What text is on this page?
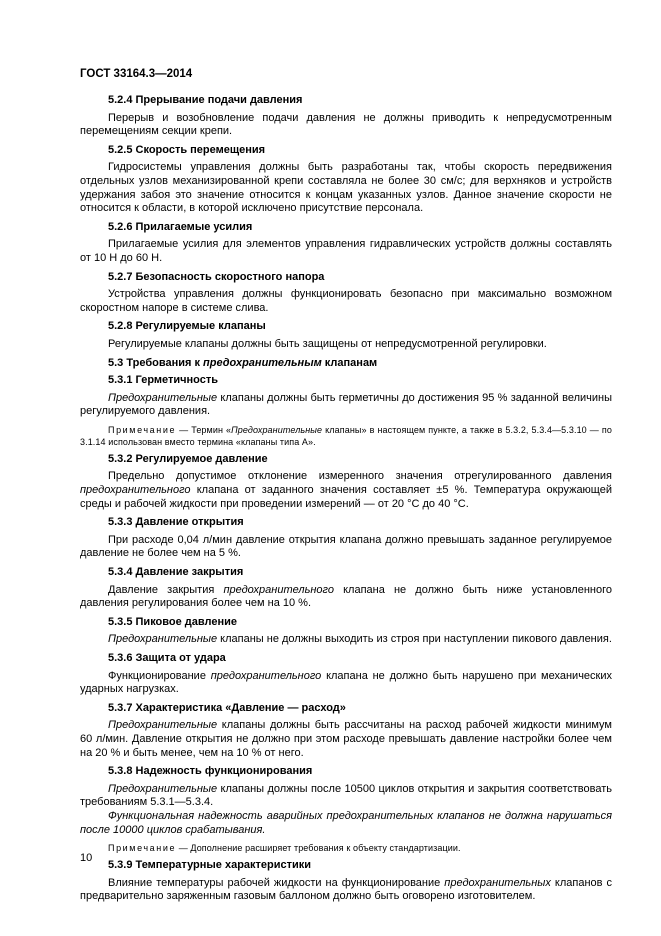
ГОСТ 33164.3—2014
5.2.4 Прерывание подачи давления
Перерыв и возобновление подачи давления не должны приводить к непредусмотренным перемещениям секции крепи.
5.2.5 Скорость перемещения
Гидросистемы управления должны быть разработаны так, чтобы скорость передвижения отдельных узлов механизированной крепи составляла не более 30 см/с; для верхняков и устройств удержания забоя это значение относится к концам указанных узлов. Данное значение скорости не относится к области, в которой исключено присутствие персонала.
5.2.6 Прилагаемые усилия
Прилагаемые усилия для элементов управления гидравлических устройств должны составлять от 10 Н до 60 Н.
5.2.7 Безопасность скоростного напора
Устройства управления должны функционировать безопасно при максимально возможном скоростном напоре в системе слива.
5.2.8 Регулируемые клапаны
Регулируемые клапаны должны быть защищены от непредусмотренной регулировки.
5.3 Требования к предохранительным клапанам
5.3.1 Герметичность
Предохранительные клапаны должны быть герметичны до достижения 95 % заданной величины регулируемого давления.
Примечание — Термин «Предохранительные клапаны» в настоящем пункте, а также в 5.3.2, 5.3.4—5.3.10 — по 3.1.14 использован вместо термина «клапаны типа А».
5.3.2 Регулируемое давление
Предельно допустимое отклонение измеренного значения отрегулированного давления предохранительного клапана от заданного значения составляет ±5 %. Температура окружающей среды и рабочей жидкости при проведении измерений — от 20 °С до 40 °С.
5.3.3 Давление открытия
При расходе 0,04 л/мин давление открытия клапана должно превышать заданное регулируемое давление не более чем на 5 %.
5.3.4 Давление закрытия
Давление закрытия предохранительного клапана не должно быть ниже установленного давления регулирования более чем на 10 %.
5.3.5 Пиковое давление
Предохранительные клапаны не должны выходить из строя при наступлении пикового давления.
5.3.6 Защита от удара
Функционирование предохранительного клапана не должно быть нарушено при механических ударных нагрузках.
5.3.7 Характеристика «Давление — расход»
Предохранительные клапаны должны быть рассчитаны на расход рабочей жидкости минимум 60 л/мин. Давление открытия не должно при этом расходе превышать давление настройки более чем на 20 % и быть менее, чем на 10 % от него.
5.3.8 Надежность функционирования
Предохранительные клапаны должны после 10500 циклов открытия и закрытия соответствовать требованиям 5.3.1—5.3.4.
Функциональная надежность аварийных предохранительных клапанов не должна нарушаться после 10000 циклов срабатывания.
Примечание — Дополнение расширяет требования к объекту стандартизации.
5.3.9 Температурные характеристики
Влияние температуры рабочей жидкости на функционирование предохранительных клапанов с предварительно заряженным газовым баллоном должно быть оговорено изготовителем.
10
